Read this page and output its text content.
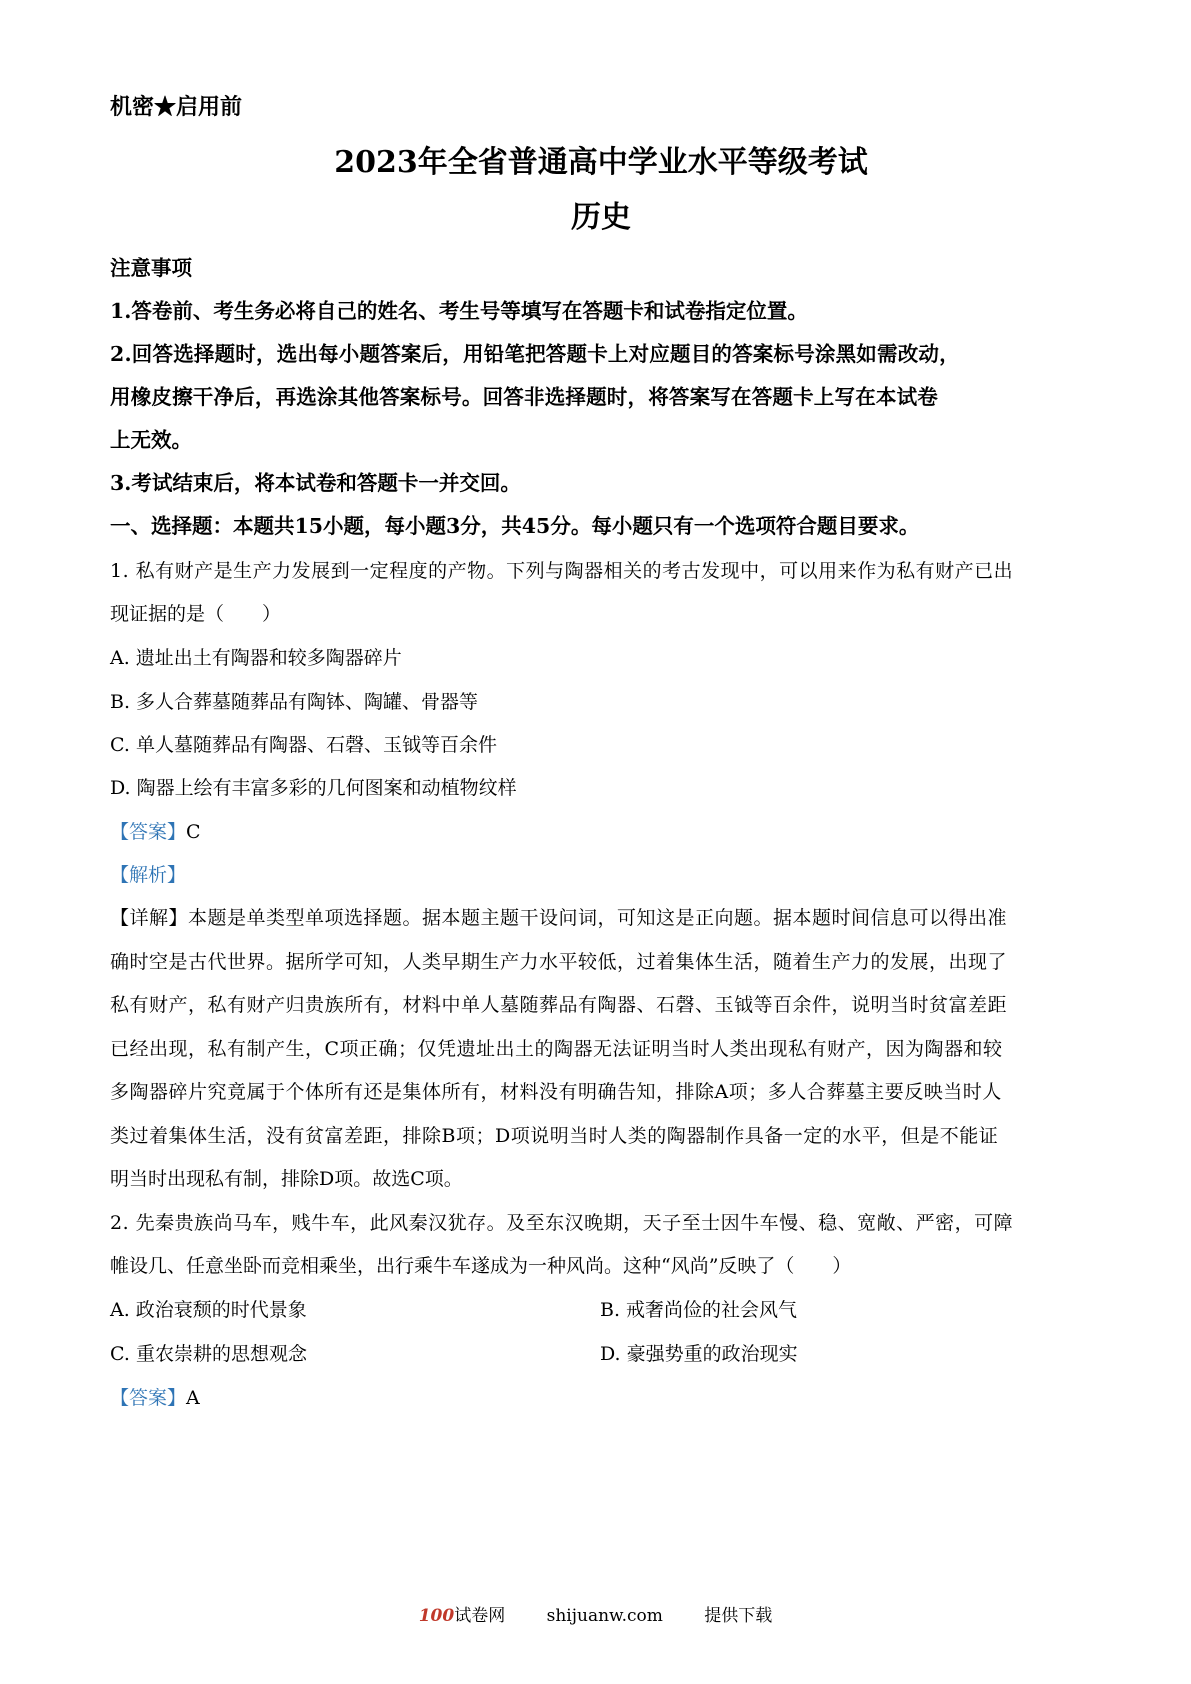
机密★启用前
2023年全省普通高中学业水平等级考试
历史
注意事项
1.答卷前、考生务必将自己的姓名、考生号等填写在答题卡和试卷指定位置。
2.回答选择题时，选出每小题答案后，用铅笔把答题卡上对应题目的答案标号涂黑如需改动，
用橡皮擦干净后，再选涂其他答案标号。回答非选择题时，将答案写在答题卡上写在本试卷
上无效。
3.考试结束后，将本试卷和答题卡一并交回。
一、选择题：本题共15小题，每小题3分，共45分。每小题只有一个选项符合题目要求。
1. 私有财产是生产力发展到一定程度的产物。下列与陶器相关的考古发现中，可以用来作为私有财产已出
现证据的是（　　）
A. 遗址出土有陶器和较多陶器碎片
B. 多人合葬墓随葬品有陶钵、陶罐、骨器等
C. 单人墓随葬品有陶器、石磬、玉钺等百余件
D. 陶器上绘有丰富多彩的几何图案和动植物纹样
【答案】C
【解析】
【详解】本题是单类型单项选择题。据本题主题干设问词，可知这是正向题。据本题时间信息可以得出准
确时空是古代世界。据所学可知，人类早期生产力水平较低，过着集体生活，随着生产力的发展，出现了
私有财产，私有财产归贵族所有，材料中单人墓随葬品有陶器、石磬、玉钺等百余件，说明当时贫富差距
已经出现，私有制产生，C项正确；仅凭遗址出土的陶器无法证明当时人类出现私有财产，因为陶器和较
多陶器碎片究竟属于个体所有还是集体所有，材料没有明确告知，排除A项；多人合葬墓主要反映当时人
类过着集体生活，没有贫富差距，排除B项；D项说明当时人类的陶器制作具备一定的水平，但是不能证
明当时出现私有制，排除D项。故选C项。
2. 先秦贵族尚马车，贱牛车，此风秦汉犹存。及至东汉晚期，天子至士因牛车慢、稳、宽敞、严密，可障
帷设几、任意坐卧而竞相乘坐，出行乘牛车遂成为一种风尚。这种“风尚”反映了（　　）
A. 政治衰颓的时代景象	B. 戒奢尚俭的社会风气
C. 重农崇耕的思想观念	D. 豪强势重的政治现实
【答案】A
100试卷网 shijuanw.com 提供下载
